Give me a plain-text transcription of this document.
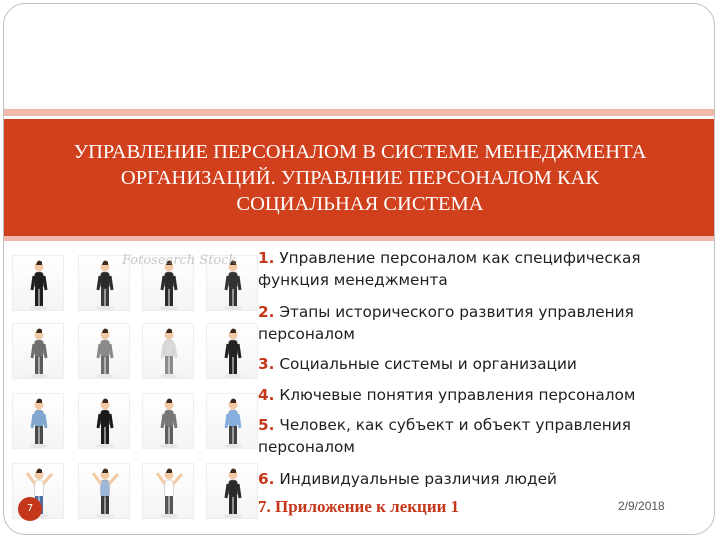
УПРАВЛЕНИЕ ПЕРСОНАЛОМ В СИСТЕМЕ МЕНЕДЖМЕНТА
ОРГАНИЗАЦИЙ. УПРАВЛНИЕ ПЕРСОНАЛОМ КАК
СОЦИАЛЬНАЯ СИСТЕМА
Fotosearch Stock	1. Управление персоналом как специфическая функция менеджмента
2. Этапы исторического развития управления персоналом
3. Социальные системы и организации
4. Ключевые понятия управления персоналом
5. Человек, как субъект и объект управления персоналом
6. Индивидуальные различия людей
7. Приложение к лекции 1
7	2/9/2018
